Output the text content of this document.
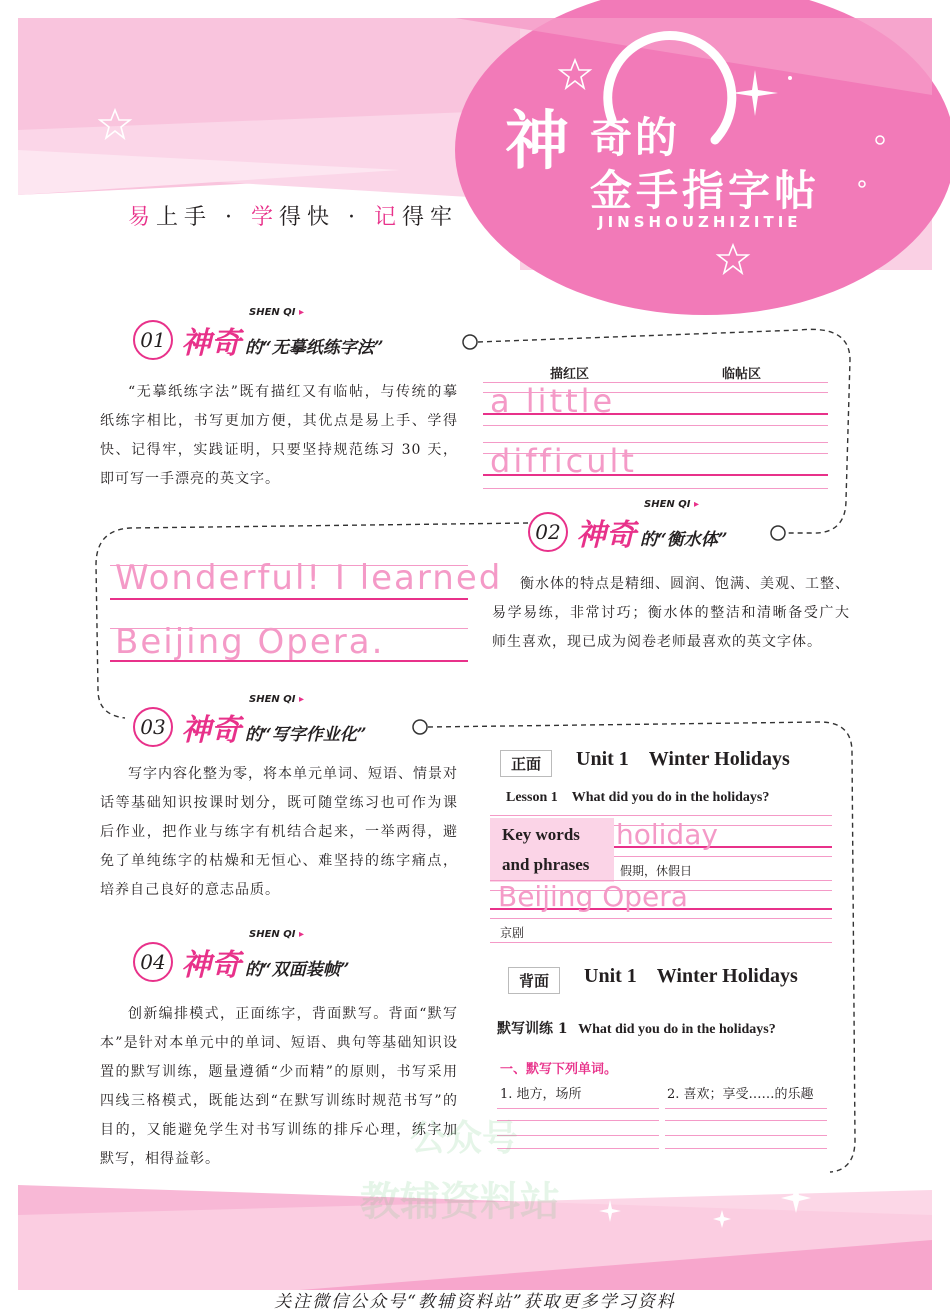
神 奇的
金手指字帖
JINSHOUZHIZITIE
易上手 · 学得快 · 记得牢
01 神奇
SHEN QI ▸
的“无摹纸练字法”
“无摹纸练字法”既有描红又有临帖，与传统的摹纸练字相比，书写更加方便，其优点是易上手、学得快、记得牢，实践证明，只要坚持规范练习 30 天，即可写一手漂亮的英文字。
描红区	临帖区
a little
difficult
02 神奇
SHEN QI ▸
的“衡水体”
衡水体的特点是精细、圆润、饱满、美观、工整、易学易练，非常讨巧；衡水体的整洁和清晰备受广大师生喜欢，现已成为阅卷老师最喜欢的英文字体。
Wonderful! I learned
Beijing Opera.
03 神奇
SHEN QI ▸
的“写字作业化”
写字内容化整为零，将本单元单词、短语、情景对话等基础知识按课时划分，既可随堂练习也可作为课后作业，把作业与练字有机结合起来，一举两得，避免了单纯练字的枯燥和无恒心、难坚持的练字痛点，培养自己良好的意志品质。
04 神奇
SHEN QI ▸
的“双面装帧”
创新编排模式，正面练字，背面默写。背面“默写本”是针对本单元中的单词、短语、典句等基础知识设置的默写训练，题量遵循“少而精”的原则，书写采用四线三格模式，既能达到“在默写训练时规范书写”的目的，又能避免学生对书写训练的排斥心理，练字加默写，相得益彰。
正面	Unit 1 Winter Holidays
Lesson 1 What did you do in the holidays?
Key words
and phrases
holiday
假期，休假日
Beijing Opera
京剧
背面	Unit 1 Winter Holidays
默写训练 1 What did you do in the holidays?
一、默写下列单词。
1. 地方，场所	2. 喜欢；享受……的乐趣
公众号
教辅资料站
关注微信公众号“教辅资料站”获取更多学习资料
